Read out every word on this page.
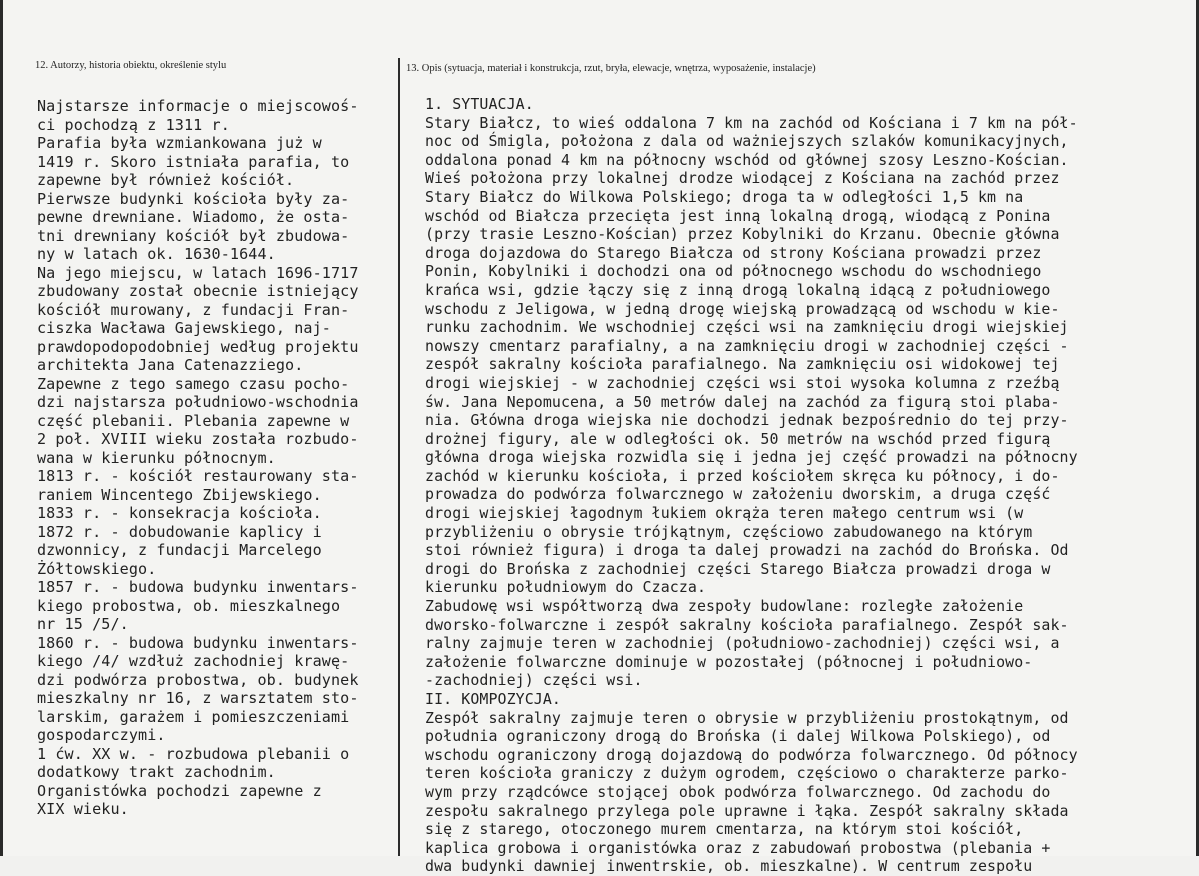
12. Autorzy, historia obiektu, określenie stylu	13. Opis (sytuacja, materiał i konstrukcja, rzut, bryła, elewacje, wnętrza, wyposażenie, instalacje)
Najstarsze informacje o miejscowoś-
ci pochodzą z 1311 r.
Parafia była wzmiankowana już w
1419 r. Skoro istniała parafia, to
zapewne był również kościół.
Pierwsze budynki kościoła były za-
pewne drewniane. Wiadomo, że osta-
tni drewniany kościół był zbudowa-
ny w latach ok. 1630-1644.
Na jego miejscu, w latach 1696-1717
zbudowany został obecnie istniejący
kościół murowany, z fundacji Fran-
ciszka Wacława Gajewskiego, naj-
prawdopodopodobniej według projektu
architekta Jana Catenazziego.
Zapewne z tego samego czasu pocho-
dzi najstarsza południowo-wschodnia
część plebanii. Plebania zapewne w
2 poł. XVIII wieku została rozbudo-
wana w kierunku północnym.
1813 r. - kościół restaurowany sta-
raniem Wincentego Zbijewskiego.
1833 r. - konsekracja kościoła.
1872 r. - dobudowanie kaplicy i
dzwonnicy, z fundacji Marcelego
Żółtowskiego.
1857 r. - budowa budynku inwentars-
kiego probostwa, ob. mieszkalnego
nr 15 /5/.
1860 r. - budowa budynku inwentars-
kiego /4/ wzdłuż zachodniej krawę-
dzi podwórza probostwa, ob. budynek
mieszkalny nr 16, z warsztatem sto-
larskim, garażem i pomieszczeniami
gospodarczymi.
1 ćw. XX w. - rozbudowa plebanii o
dodatkowy trakt zachodnim.
Organistówka pochodzi zapewne z
XIX wieku.
1. SYTUACJA.
Stary Białcz, to wieś oddalona 7 km na zachód od Kościana i 7 km na pół-
noc od Śmigla, położona z dala od ważniejszych szlaków komunikacyjnych,
oddalona ponad 4 km na północny wschód od głównej szosy Leszno-Kościan.
Wieś położona przy lokalnej drodze wiodącej z Kościana na zachód przez
Stary Białcz do Wilkowa Polskiego; droga ta w odległości 1,5 km na
wschód od Białcza przecięta jest inną lokalną drogą, wiodącą z Ponina
(przy trasie Leszno-Kościan) przez Kobylniki do Krzanu. Obecnie główna
droga dojazdowa do Starego Białcza od strony Kościana prowadzi przez
Ponin, Kobylniki i dochodzi ona od północnego wschodu do wschodniego
krańca wsi, gdzie łączy się z inną drogą lokalną idącą z południowego
wschodu z Jeligowa, w jedną drogę wiejską prowadzącą od wschodu w kie-
runku zachodnim. We wschodniej części wsi na zamknięciu drogi wiejskiej
nowszy cmentarz parafialny, a na zamknięciu drogi w zachodniej części -
zespół sakralny kościoła parafialnego. Na zamknięciu osi widokowej tej
drogi wiejskiej - w zachodniej części wsi stoi wysoka kolumna z rzeźbą
św. Jana Nepomucena, a 50 metrów dalej na zachód za figurą stoi plaba-
nia. Główna droga wiejska nie dochodzi jednak bezpośrednio do tej przy-
drożnej figury, ale w odległości ok. 50 metrów na wschód przed figurą
główna droga wiejska rozwidla się i jedna jej część prowadzi na północny
zachód w kierunku kościoła, i przed kościołem skręca ku północy, i do-
prowadza do podwórza folwarcznego w założeniu dworskim, a druga część
drogi wiejskiej łagodnym łukiem okrąża teren małego centrum wsi (w
przybliżeniu o obrysie trójkątnym, częściowo zabudowanego na którym
stoi również figura) i droga ta dalej prowadzi na zachód do Brońska. Od
drogi do Brońska z zachodniej części Starego Białcza prowadzi droga w
kierunku południowym do Czacza.
Zabudowę wsi współtworzą dwa zespoły budowlane: rozległe założenie
dworsko-folwarczne i zespół sakralny kościoła parafialnego. Zespół sak-
ralny zajmuje teren w zachodniej (południowo-zachodniej) części wsi, a
założenie folwarczne dominuje w pozostałej (północnej i południowo-
-zachodniej) części wsi.
II. KOMPOZYCJA.
Zespół sakralny zajmuje teren o obrysie w przybliżeniu prostokątnym, od
południa ograniczony drogą do Brońska (i dalej Wilkowa Polskiego), od
wschodu ograniczony drogą dojazdową do podwórza folwarcznego. Od północy
teren kościoła graniczy z dużym ogrodem, częściowo o charakterze parko-
wym przy rządcówce stojącej obok podwórza folwarcznego. Od zachodu do
zespołu sakralnego przylega pole uprawne i łąka. Zespół sakralny składa
się z starego, otoczonego murem cmentarza, na którym stoi kościół,
kaplica grobowa i organistówka oraz z zabudowań probostwa (plebania +
dwa budynki dawniej inwentrskie, ob. mieszkalne). W centrum zespołu
